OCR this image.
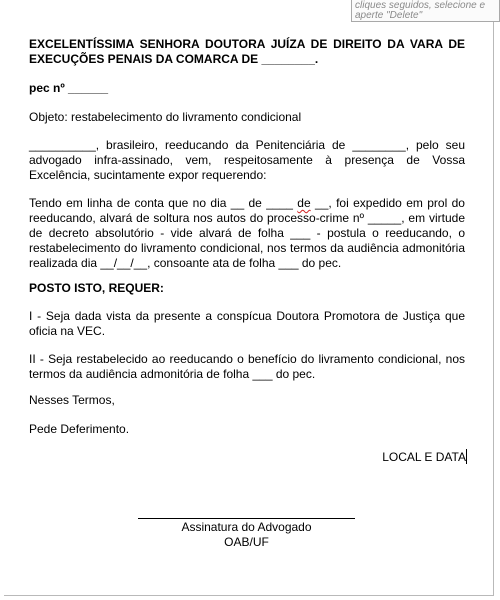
cliques seguidos, selecione e
aperte "Delete"
EXCELENTÍSSIMA SENHORA DOUTORA JUÍZA DE DIREITO DA VARA DE EXECUÇÕES PENAIS DA COMARCA DE ________.

pec nº ______

Objeto: restabelecimento do livramento condicional

__________, brasileiro, reeducando da Penitenciária de ________, pelo seu advogado infra-assinado, vem, respeitosamente à presença de Vossa Excelência, sucintamente expor requerendo:

Tendo em linha de conta que no dia __ de ____ de __, foi expedido em prol do reeducando, alvará de soltura nos autos do processo-crime nº _____, em virtude de decreto absolutório - vide alvará de folha ___ - postula o reeducando, o restabelecimento do livramento condicional, nos termos da audiência admonitória realizada dia __/__/__, consoante ata de folha ___ do pec.

POSTO ISTO, REQUER:

I - Seja dada vista da presente a conspícua Doutora Promotora de Justiça que oficia na VEC.

II - Seja restabelecido ao reeducando o benefício do livramento condicional, nos termos da audiência admonitória de folha ___ do pec.

Nesses Termos,

Pede Deferimento.

LOCAL E DATA
Assinatura do Advogado
OAB/UF
